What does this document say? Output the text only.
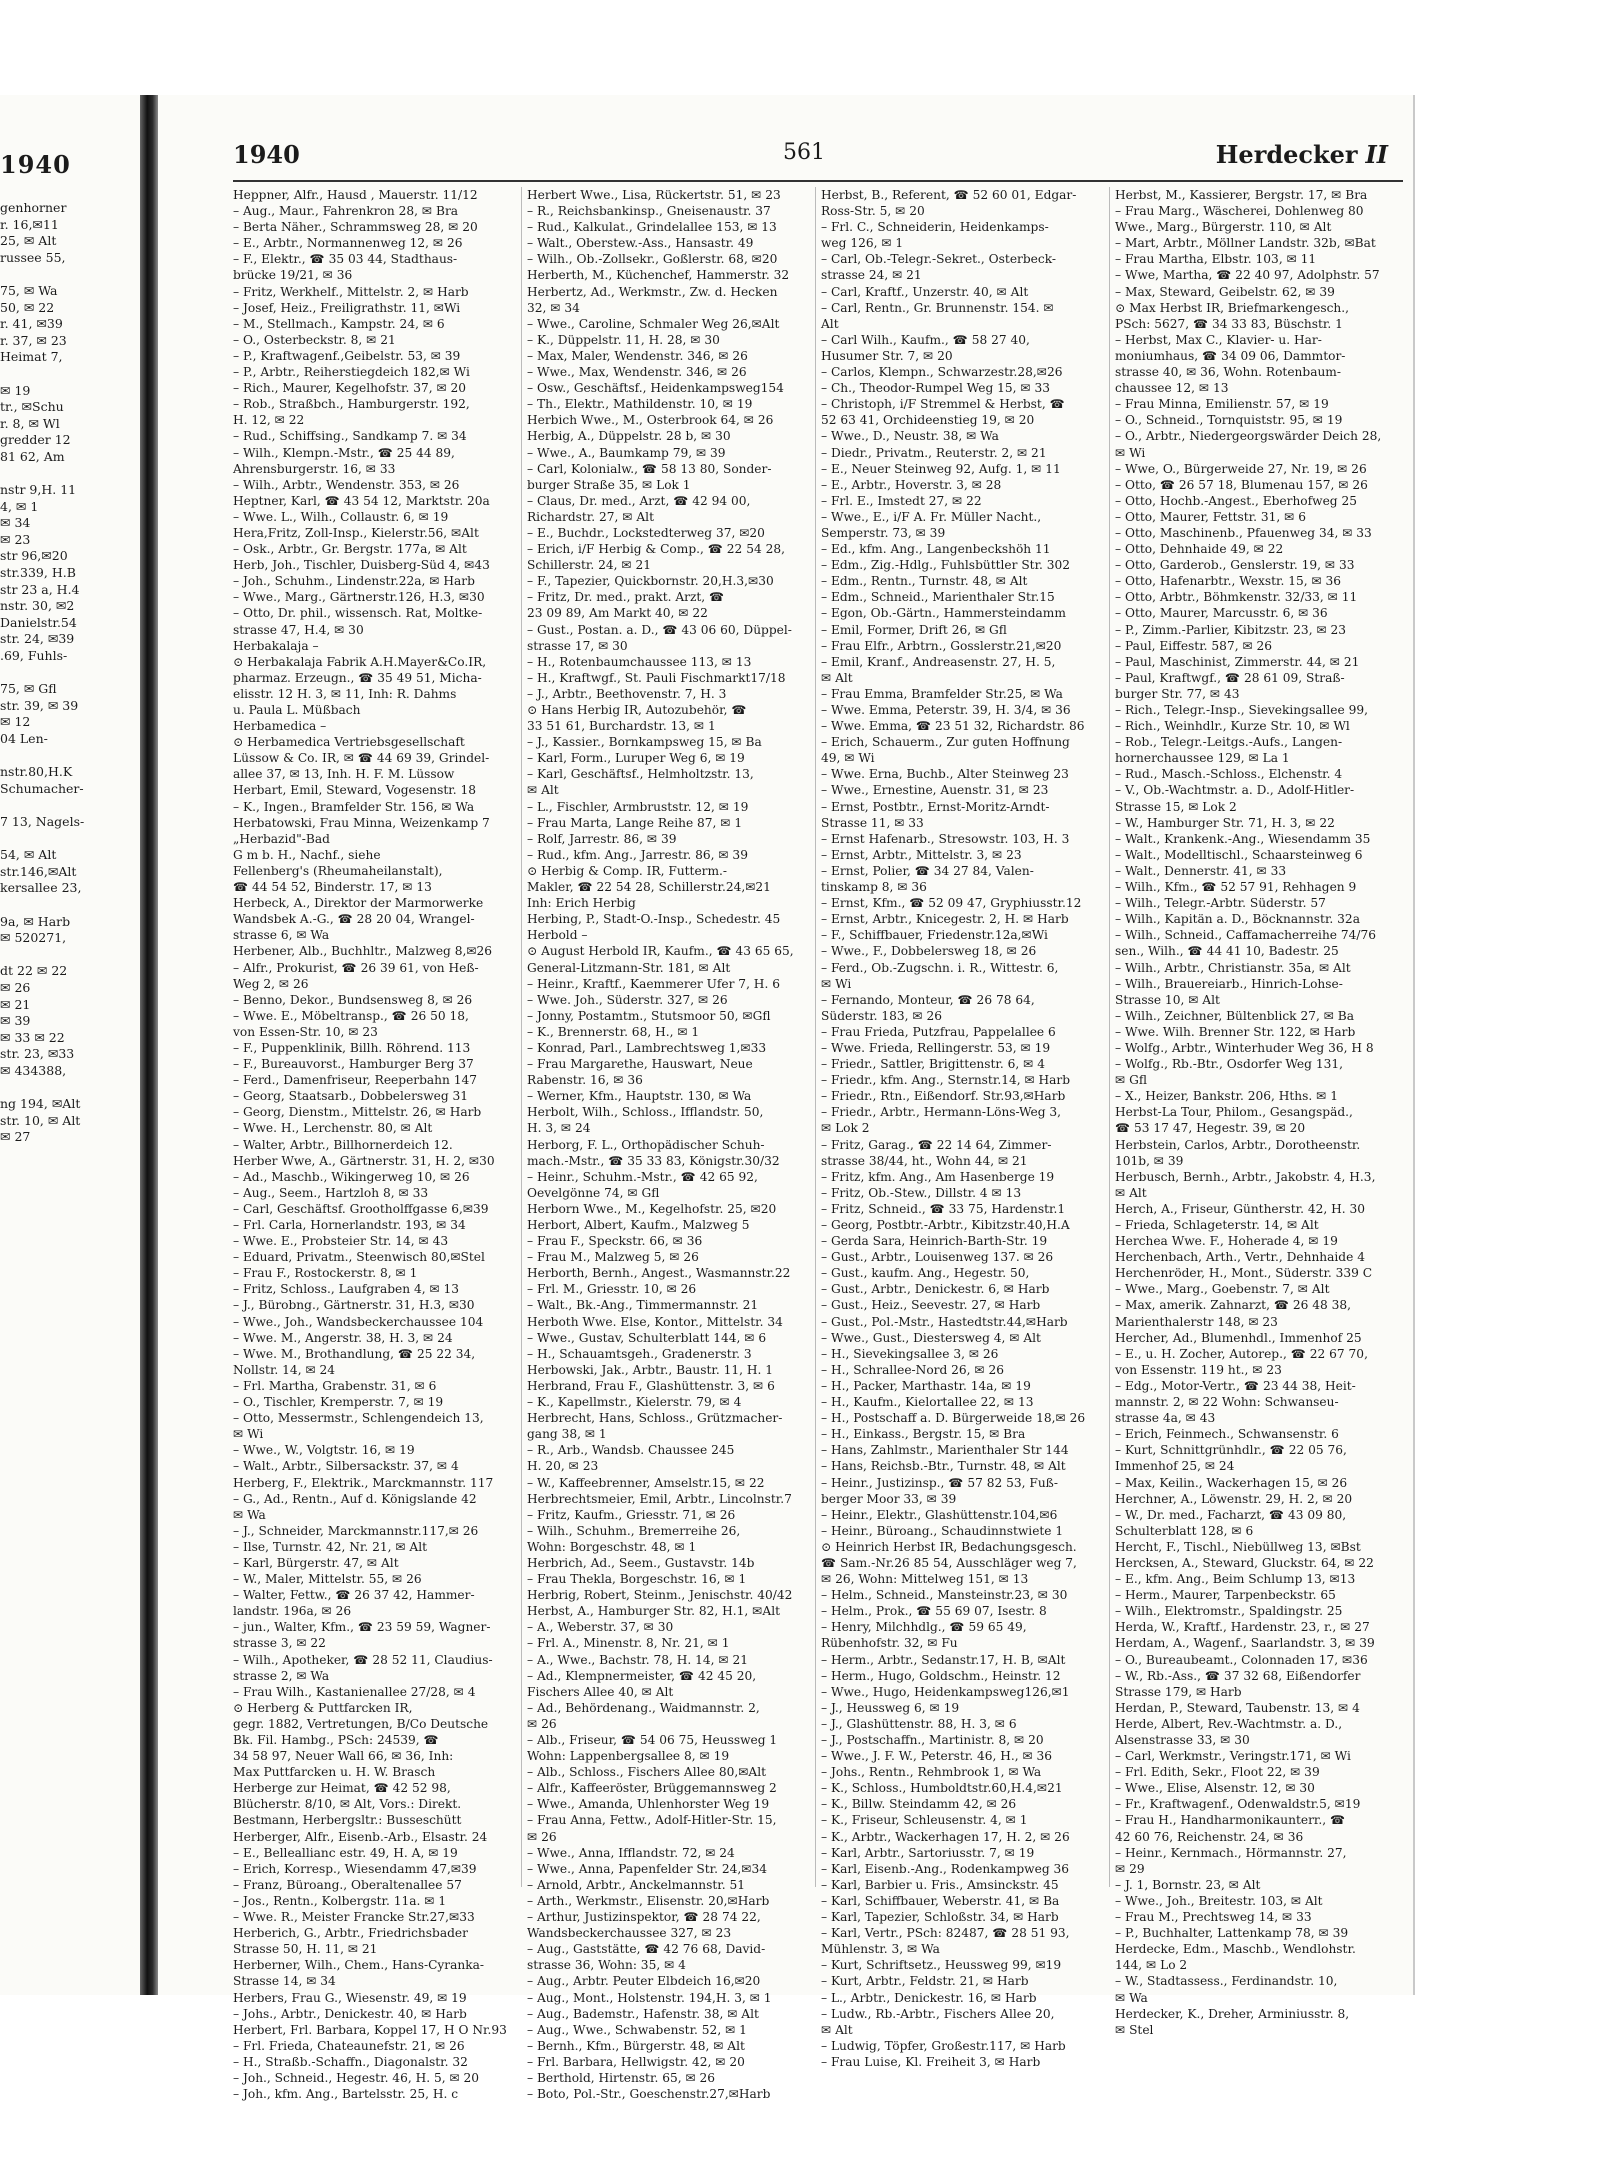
1940
genhorner
r. 16,✉11
25, ✉ Alt
russee 55,

75, ✉ Wa
50, ✉ 22
r. 41, ✉39
r. 37, ✉ 23
Heimat 7,

✉ 19
tr., ✉Schu
r. 8, ✉ Wl
gredder 12
81 62, Am

nstr 9,H. 11
4, ✉ 1
✉ 34
✉ 23
str 96,✉20
str.339, H.B
str 23 a, H.4
nstr. 30, ✉2
Danielstr.54
str. 24, ✉39
.69, Fuhls-

75, ✉ Gfl
str. 39, ✉ 39
✉ 12
04 Len-

nstr.80,H.K
Schumacher-

7 13, Nagels-

54, ✉ Alt
str.146,✉Alt
kersallee 23,

9a, ✉ Harb
✉ 520271,

dt 22 ✉ 22
✉ 26
✉ 21
✉ 39
✉ 33 ✉ 22
str. 23, ✉33
✉ 434388,

ng 194, ✉Alt
str. 10, ✉ Alt
✉ 27
1940	561	Herdecker II
Heppner, Alfr., Hausd , Mauerstr. 11/12
– Aug., Maur., Fahrenkron 28, ✉ Bra
– Berta Näher., Schrammsweg 28, ✉ 20
– E., Arbtr., Normannenweg 12, ✉ 26
– F., Elektr., ☎ 35 03 44, Stadthaus-
brücke 19/21, ✉ 36
– Fritz, Werkhelf., Mittelstr. 2, ✉ Harb
– Josef, Heiz., Freiligrathstr. 11, ✉Wi
– M., Stellmach., Kampstr. 24, ✉ 6
– O., Osterbeckstr. 8, ✉ 21
– P., Kraftwagenf.,Geibelstr. 53, ✉ 39
– P., Arbtr., Reiherstiegdeich 182,✉ Wi
– Rich., Maurer, Kegelhofstr. 37, ✉ 20
– Rob., Straßbch., Hamburgerstr. 192,
H. 12, ✉ 22
– Rud., Schiffsing., Sandkamp 7. ✉ 34
– Wilh., Klempn.-Mstr., ☎ 25 44 89,
Ahrensburgerstr. 16, ✉ 33
– Wilh., Arbtr., Wendenstr. 353, ✉ 26
Heptner, Karl, ☎ 43 54 12, Marktstr. 20a
– Wwe. L., Wilh., Collaustr. 6, ✉ 19
Hera,Fritz, Zoll-Insp., Kielerstr.56, ✉Alt
– Osk., Arbtr., Gr. Bergstr. 177a, ✉ Alt
Herb, Joh., Tischler, Duisberg-Süd 4, ✉43
– Joh., Schuhm., Lindenstr.22a, ✉ Harb
– Wwe., Marg., Gärtnerstr.126, H.3, ✉30
– Otto, Dr. phil., wissensch. Rat, Moltke-
strasse 47, H.4, ✉ 30
Herbakalaja –
⊙ Herbakalaja Fabrik A.H.Mayer&Co.IR,
pharmaz. Erzeugn., ☎ 35 49 51, Micha-
elisstr. 12 H. 3, ✉ 11, Inh: R. Dahms
u. Paula L. Müßbach
Herbamedica –
⊙ Herbamedica Vertriebsgesellschaft
Lüssow & Co. IR, ✉ ☎ 44 69 39, Grindel-
allee 37, ✉ 13, Inh. H. F. M. Lüssow
Herbart, Emil, Steward, Vogesenstr. 18
– K., Ingen., Bramfelder Str. 156, ✉ Wa
Herbatowski, Frau Minna, Weizenkamp 7
„Herbazid"-Bad
G m b. H., Nachf., siehe
Fellenberg's (Rheumaheilanstalt),
☎ 44 54 52, Binderstr. 17, ✉ 13
Herbeck, A., Direktor der Marmorwerke
Wandsbek A.-G., ☎ 28 20 04, Wrangel-
strasse 6, ✉ Wa
Herbener, Alb., Buchhltr., Malzweg 8,✉26
– Alfr., Prokurist, ☎ 26 39 61, von Heß-
Weg 2, ✉ 26
– Benno, Dekor., Bundsensweg 8, ✉ 26
– Wwe. E., Möbeltransp., ☎ 26 50 18,
von Essen-Str. 10, ✉ 23
– F., Puppenklinik, Billh. Röhrend. 113
– F., Bureauvorst., Hamburger Berg 37
– Ferd., Damenfriseur, Reeperbahn 147
– Georg, Staatsarb., Dobbelersweg 31
– Georg, Dienstm., Mittelstr. 26, ✉ Harb
– Wwe. H., Lerchenstr. 80, ✉ Alt
– Walter, Arbtr., Billhornerdeich 12.
Herber Wwe, A., Gärtnerstr. 31, H. 2, ✉30
– Ad., Maschb., Wikingerweg 10, ✉ 26
– Aug., Seem., Hartzloh 8, ✉ 33
– Carl, Geschäftsf. Grootholffgasse 6,✉39
– Frl. Carla, Hornerlandstr. 193, ✉ 34
– Wwe. E., Probsteier Str. 14, ✉ 43
– Eduard, Privatm., Steenwisch 80,✉Stel
– Frau F., Rostockerstr. 8, ✉ 1
– Fritz, Schloss., Laufgraben 4, ✉ 13
– J., Bürobng., Gärtnerstr. 31, H.3, ✉30
– Wwe., Joh., Wandsbeckerchaussee 104
– Wwe. M., Angerstr. 38, H. 3, ✉ 24
– Wwe. M., Brothandlung, ☎ 25 22 34,
Nollstr. 14, ✉ 24
– Frl. Martha, Grabenstr. 31, ✉ 6
– O., Tischler, Kremperstr. 7, ✉ 19
– Otto, Messermstr., Schlengendeich 13,
✉ Wi
– Wwe., W., Volgtstr. 16, ✉ 19
– Walt., Arbtr., Silbersackstr. 37, ✉ 4
Herberg, F., Elektrik., Marckmannstr. 117
– G., Ad., Rentn., Auf d. Königslande 42
✉ Wa
– J., Schneider, Marckmannstr.117,✉ 26
– Ilse, Turnstr. 42, Nr. 21, ✉ Alt
– Karl, Bürgerstr. 47, ✉ Alt
– W., Maler, Mittelstr. 55, ✉ 26
– Walter, Fettw., ☎ 26 37 42, Hammer-
landstr. 196a, ✉ 26
– jun., Walter, Kfm., ☎ 23 59 59, Wagner-
strasse 3, ✉ 22
– Wilh., Apotheker, ☎ 28 52 11, Claudius-
strasse 2, ✉ Wa
– Frau Wilh., Kastanienallee 27/28, ✉ 4
⊙ Herberg & Puttfarcken IR,
gegr. 1882, Vertretungen, B/Co Deutsche
Bk. Fil. Hambg., PSch: 24539, ☎
34 58 97, Neuer Wall 66, ✉ 36, Inh:
Max Puttfarcken u. H. W. Brasch
Herberge zur Heimat, ☎ 42 52 98,
Blücherstr. 8/10, ✉ Alt, Vors.: Direkt.
Bestmann, Herbergsltr.: Busseschütt
Herberger, Alfr., Eisenb.-Arb., Elsastr. 24
– E., Belleallianc estr. 49, H. A, ✉ 19
– Erich, Korresp., Wiesendamm 47,✉39
– Franz, Büroang., Oberaltenallee 57
– Jos., Rentn., Kolbergstr. 11a. ✉ 1
– Wwe. R., Meister Francke Str.27,✉33
Herberich, G., Arbtr., Friedrichsbader
Strasse 50, H. 11, ✉ 21
Herberner, Wilh., Chem., Hans-Cyranka-
Strasse 14, ✉ 34
Herbers, Frau G., Wiesenstr. 49, ✉ 19
– Johs., Arbtr., Denickestr. 40, ✉ Harb
Herbert, Frl. Barbara, Koppel 17, H O Nr.93
– Frl. Frieda, Chateaunefstr. 21, ✉ 26
– H., Straßb.-Schaffn., Diagonalstr. 32
– Joh., Schneid., Hegestr. 46, H. 5, ✉ 20
– Joh., kfm. Ang., Bartelsstr. 25, H. c
Herbert Wwe., Lisa, Rückertstr. 51, ✉ 23
– R., Reichsbankinsp., Gneisenaustr. 37
– Rud., Kalkulat., Grindelallee 153, ✉ 13
– Walt., Oberstew.-Ass., Hansastr. 49
– Wilh., Ob.-Zollsekr., Goßlerstr. 68, ✉20
Herberth, M., Küchenchef, Hammerstr. 32
Herbertz, Ad., Werkmstr., Zw. d. Hecken
32, ✉ 34
– Wwe., Caroline, Schmaler Weg 26,✉Alt
– K., Düppelstr. 11, H. 28, ✉ 30
– Max, Maler, Wendenstr. 346, ✉ 26
– Wwe., Max, Wendenstr. 346, ✉ 26
– Osw., Geschäftsf., Heidenkampsweg154
– Th., Elektr., Mathildenstr. 10, ✉ 19
Herbich Wwe., M., Osterbrook 64, ✉ 26
Herbig, A., Düppelstr. 28 b, ✉ 30
– Wwe., A., Baumkamp 79, ✉ 39
– Carl, Kolonialw., ☎ 58 13 80, Sonder-
burger Straße 35, ✉ Lok 1
– Claus, Dr. med., Arzt, ☎ 42 94 00,
Richardstr. 27, ✉ Alt
– E., Buchdr., Lockstedterweg 37, ✉20
– Erich, i/F Herbig & Comp., ☎ 22 54 28,
Schillerstr. 24, ✉ 21
– F., Tapezier, Quickbornstr. 20,H.3,✉30
– Fritz, Dr. med., prakt. Arzt, ☎
23 09 89, Am Markt 40, ✉ 22
– Gust., Postan. a. D., ☎ 43 06 60, Düppel-
strasse 17, ✉ 30
– H., Rotenbaumchaussee 113, ✉ 13
– H., Kraftwgf., St. Pauli Fischmarkt17/18
– J., Arbtr., Beethovenstr. 7, H. 3
⊙ Hans Herbig IR, Autozubehör, ☎
33 51 61, Burchardstr. 13, ✉ 1
– J., Kassier., Bornkampsweg 15, ✉ Ba
– Karl, Form., Luruper Weg 6, ✉ 19
– Karl, Geschäftsf., Helmholtzstr. 13,
✉ Alt
– L., Fischler, Armbruststr. 12, ✉ 19
– Frau Marta, Lange Reihe 87, ✉ 1
– Rolf, Jarrestr. 86, ✉ 39
– Rud., kfm. Ang., Jarrestr. 86, ✉ 39
⊙ Herbig & Comp. IR, Futterm.-
Makler, ☎ 22 54 28, Schillerstr.24,✉21
Inh: Erich Herbig
Herbing, P., Stadt-O.-Insp., Schedestr. 45
Herbold –
⊙ August Herbold IR, Kaufm., ☎ 43 65 65,
General-Litzmann-Str. 181, ✉ Alt
– Heinr., Kraftf., Kaemmerer Ufer 7, H. 6
– Wwe. Joh., Süderstr. 327, ✉ 26
– Jonny, Postamtm., Stutsmoor 50, ✉Gfl
– K., Brennerstr. 68, H., ✉ 1
– Konrad, Parl., Lambrechtsweg 1,✉33
– Frau Margarethe, Hauswart, Neue
Rabenstr. 16, ✉ 36
– Werner, Kfm., Hauptstr. 130, ✉ Wa
Herbolt, Wilh., Schloss., Ifflandstr. 50,
H. 3, ✉ 24
Herborg, F. L., Orthopädischer Schuh-
mach.-Mstr., ☎ 35 33 83, Königstr.30/32
– Heinr., Schuhm.-Mstr., ☎ 42 65 92,
Oevelgönne 74, ✉ Gfl
Herborn Wwe., M., Kegelhofstr. 25, ✉20
Herbort, Albert, Kaufm., Malzweg 5
– Frau F., Speckstr. 66, ✉ 36
– Frau M., Malzweg 5, ✉ 26
Herborth, Bernh., Angest., Wasmannstr.22
– Frl. M., Griesstr. 10, ✉ 26
– Walt., Bk.-Ang., Timmermannstr. 21
Herboth Wwe. Else, Kontor., Mittelstr. 34
– Wwe., Gustav, Schulterblatt 144, ✉ 6
– H., Schauamtsgeh., Gradenerstr. 3
Herbowski, Jak., Arbtr., Baustr. 11, H. 1
Herbrand, Frau F., Glashüttenstr. 3, ✉ 6
– K., Kapellmstr., Kielerstr. 79, ✉ 4
Herbrecht, Hans, Schloss., Grützmacher-
gang 38, ✉ 1
– R., Arb., Wandsb. Chaussee 245
H. 20, ✉ 23
– W., Kaffeebrenner, Amselstr.15, ✉ 22
Herbrechtsmeier, Emil, Arbtr., Lincolnstr.7
– Fritz, Kaufm., Griesstr. 71, ✉ 26
– Wilh., Schuhm., Bremerreihe 26,
Wohn: Borgeschstr. 48, ✉ 1
Herbrich, Ad., Seem., Gustavstr. 14b
– Frau Thekla, Borgeschstr. 16, ✉ 1
Herbrig, Robert, Steinm., Jenischstr. 40/42
Herbst, A., Hamburger Str. 82, H.1, ✉Alt
– A., Weberstr. 37, ✉ 30
– Frl. A., Minenstr. 8, Nr. 21, ✉ 1
– A., Wwe., Bachstr. 78, H. 14, ✉ 21
– Ad., Klempnermeister, ☎ 42 45 20,
Fischers Allee 40, ✉ Alt
– Ad., Behördenang., Waidmannstr. 2,
✉ 26
– Alb., Friseur, ☎ 54 06 75, Heussweg 1
Wohn: Lappenbergsallee 8, ✉ 19
– Alb., Schloss., Fischers Allee 80,✉Alt
– Alfr., Kaffeeröster, Brüggemannsweg 2
– Wwe., Amanda, Uhlenhorster Weg 19
– Frau Anna, Fettw., Adolf-Hitler-Str. 15,
✉ 26
– Wwe., Anna, Ifflandstr. 72, ✉ 24
– Wwe., Anna, Papenfelder Str. 24,✉34
– Arnold, Arbtr., Anckelmannstr. 51
– Arth., Werkmstr., Elisenstr. 20,✉Harb
– Arthur, Justizinspektor, ☎ 28 74 22,
Wandsbeckerchaussee 327, ✉ 23
– Aug., Gaststätte, ☎ 42 76 68, David-
strasse 36, Wohn: 35, ✉ 4
– Aug., Arbtr. Peuter Elbdeich 16,✉20
– Aug., Mont., Holstenstr. 194,H. 3, ✉ 1
– Aug., Bademstr., Hafenstr. 38, ✉ Alt
– Aug., Wwe., Schwabenstr. 52, ✉ 1
– Bernh., Kfm., Bürgerstr. 48, ✉ Alt
– Frl. Barbara, Hellwigstr. 42, ✉ 20
– Berthold, Hirtenstr. 65, ✉ 26
– Boto, Pol.-Str., Goeschenstr.27,✉Harb
Herbst, B., Referent, ☎ 52 60 01, Edgar-
Ross-Str. 5, ✉ 20
– Frl. C., Schneiderin, Heidenkamps-
weg 126, ✉ 1
– Carl, Ob.-Telegr.-Sekret., Osterbeck-
strasse 24, ✉ 21
– Carl, Kraftf., Unzerstr. 40, ✉ Alt
– Carl, Rentn., Gr. Brunnenstr. 154. ✉
Alt
– Carl Wilh., Kaufm., ☎ 58 27 40,
Husumer Str. 7, ✉ 20
– Carlos, Klempn., Schwarzestr.28,✉26
– Ch., Theodor-Rumpel Weg 15, ✉ 33
– Christoph, i/F Stremmel & Herbst, ☎
52 63 41, Orchideenstieg 19, ✉ 20
– Wwe., D., Neustr. 38, ✉ Wa
– Diedr., Privatm., Reuterstr. 2, ✉ 21
– E., Neuer Steinweg 92, Aufg. 1, ✉ 11
– E., Arbtr., Hoverstr. 3, ✉ 28
– Frl. E., Imstedt 27, ✉ 22
– Wwe., E., i/F A. Fr. Müller Nacht.,
Semperstr. 73, ✉ 39
– Ed., kfm. Ang., Langenbeckshöh 11
– Edm., Zig.-Hdlg., Fuhlsbüttler Str. 302
– Edm., Rentn., Turnstr. 48, ✉ Alt
– Edm., Schneid., Marienthaler Str.15
– Egon, Ob.-Gärtn., Hammersteindamm
– Emil, Former, Drift 26, ✉ Gfl
– Frau Elfr., Arbtrn., Gosslerstr.21,✉20
– Emil, Kranf., Andreasenstr. 27, H. 5,
✉ Alt
– Frau Emma, Bramfelder Str.25, ✉ Wa
– Wwe. Emma, Peterstr. 39, H. 3/4, ✉ 36
– Wwe. Emma, ☎ 23 51 32, Richardstr. 86
– Erich, Schauerm., Zur guten Hoffnung
49, ✉ Wi
– Wwe. Erna, Buchb., Alter Steinweg 23
– Wwe., Ernestine, Auenstr. 31, ✉ 23
– Ernst, Postbtr., Ernst-Moritz-Arndt-
Strasse 11, ✉ 33
– Ernst Hafenarb., Stresowstr. 103, H. 3
– Ernst, Arbtr., Mittelstr. 3, ✉ 23
– Ernst, Polier, ☎ 34 27 84, Valen-
tinskamp 8, ✉ 36
– Ernst, Kfm., ☎ 52 09 47, Gryphiusstr.12
– Ernst, Arbtr., Knicegestr. 2, H. ✉ Harb
– F., Schiffbauer, Friedenstr.12a,✉Wi
– Wwe., F., Dobbelersweg 18, ✉ 26
– Ferd., Ob.-Zugschn. i. R., Wittestr. 6,
✉ Wi
– Fernando, Monteur, ☎ 26 78 64,
Süderstr. 183, ✉ 26
– Frau Frieda, Putzfrau, Pappelallee 6
– Wwe. Frieda, Rellingerstr. 53, ✉ 19
– Friedr., Sattler, Brigittenstr. 6, ✉ 4
– Friedr., kfm. Ang., Sternstr.14, ✉ Harb
– Friedr., Rtn., Eißendorf. Str.93,✉Harb
– Friedr., Arbtr., Hermann-Löns-Weg 3,
✉ Lok 2
– Fritz, Garag., ☎ 22 14 64, Zimmer-
strasse 38/44, ht., Wohn 44, ✉ 21
– Fritz, kfm. Ang., Am Hasenberge 19
– Fritz, Ob.-Stew., Dillstr. 4 ✉ 13
– Fritz, Schneid., ☎ 33 75, Hardenstr.1
– Georg, Postbtr.-Arbtr., Kibitzstr.40,H.A
– Gerda Sara, Heinrich-Barth-Str. 19
– Gust., Arbtr., Louisenweg 137. ✉ 26
– Gust., kaufm. Ang., Hegestr. 50,
– Gust., Arbtr., Denickestr. 6, ✉ Harb
– Gust., Heiz., Seevestr. 27, ✉ Harb
– Gust., Pol.-Mstr., Hastedtstr.44,✉Harb
– Wwe., Gust., Diestersweg 4, ✉ Alt
– H., Sievekingsallee 3, ✉ 26
– H., Schrallee-Nord 26, ✉ 26
– H., Packer, Marthastr. 14a, ✉ 19
– H., Kaufm., Kielortallee 22, ✉ 13
– H., Postschaff a. D. Bürgerweide 18,✉ 26
– H., Einkass., Bergstr. 15, ✉ Bra
– Hans, Zahlmstr., Marienthaler Str 144
– Hans, Reichsb.-Btr., Turnstr. 48, ✉ Alt
– Heinr., Justizinsp., ☎ 57 82 53, Fuß-
berger Moor 33, ✉ 39
– Heinr., Elektr., Glashüttenstr.104,✉6
– Heinr., Büroang., Schaudinnstwiete 1
⊙ Heinrich Herbst IR, Bedachungsgesch.
☎ Sam.-Nr.26 85 54, Ausschläger weg 7,
✉ 26, Wohn: Mittelweg 151, ✉ 13
– Helm., Schneid., Mansteinstr.23, ✉ 30
– Helm., Prok., ☎ 55 69 07, Isestr. 8
– Henry, Milchhdlg., ☎ 59 65 49,
Rübenhofstr. 32, ✉ Fu
– Herm., Arbtr., Sedanstr.17, H. B, ✉Alt
– Herm., Hugo, Goldschm., Heinstr. 12
– Wwe., Hugo, Heidenkampsweg126,✉1
– J., Heussweg 6, ✉ 19
– J., Glashüttenstr. 88, H. 3, ✉ 6
– J., Postschaffn., Martinistr. 8, ✉ 20
– Wwe., J. F. W., Peterstr. 46, H., ✉ 36
– Johs., Rentn., Rehmbrook 1, ✉ Wa
– K., Schloss., Humboldtstr.60,H.4,✉21
– K., Billw. Steindamm 42, ✉ 26
– K., Friseur, Schleusenstr. 4, ✉ 1
– K., Arbtr., Wackerhagen 17, H. 2, ✉ 26
– Karl, Arbtr., Sartoriusstr. 7, ✉ 19
– Karl, Eisenb.-Ang., Rodenkampweg 36
– Karl, Barbier u. Fris., Amsinckstr. 45
– Karl, Schiffbauer, Weberstr. 41, ✉ Ba
– Karl, Tapezier, Schloßstr. 34, ✉ Harb
– Karl, Vertr., PSch: 82487, ☎ 28 51 93,
Mühlenstr. 3, ✉ Wa
– Kurt, Schriftsetz., Heussweg 99, ✉19
– Kurt, Arbtr., Feldstr. 21, ✉ Harb
– L., Arbtr., Denickestr. 16, ✉ Harb
– Ludw., Rb.-Arbtr., Fischers Allee 20,
✉ Alt
– Ludwig, Töpfer, Großestr.117, ✉ Harb
– Frau Luise, Kl. Freiheit 3, ✉ Harb
Herbst, M., Kassierer, Bergstr. 17, ✉ Bra
– Frau Marg., Wäscherei, Dohlenweg 80
Wwe., Marg., Bürgerstr. 110, ✉ Alt
– Mart, Arbtr., Möllner Landstr. 32b, ✉Bat
– Frau Martha, Elbstr. 103, ✉ 11
– Wwe, Martha, ☎ 22 40 97, Adolphstr. 57
– Max, Steward, Geibelstr. 62, ✉ 39
⊙ Max Herbst IR, Briefmarkengesch.,
PSch: 5627, ☎ 34 33 83, Büschstr. 1
– Herbst, Max C., Klavier- u. Har-
moniumhaus, ☎ 34 09 06, Dammtor-
strasse 40, ✉ 36, Wohn. Rotenbaum-
chaussee 12, ✉ 13
– Frau Minna, Emilienstr. 57, ✉ 19
– O., Schneid., Tornquiststr. 95, ✉ 19
– O., Arbtr., Niedergeorgswärder Deich 28,
✉ Wi
– Wwe, O., Bürgerweide 27, Nr. 19, ✉ 26
– Otto, ☎ 26 57 18, Blumenau 157, ✉ 26
– Otto, Hochb.-Angest., Eberhofweg 25
– Otto, Maurer, Fettstr. 31, ✉ 6
– Otto, Maschinenb., Pfauenweg 34, ✉ 33
– Otto, Dehnhaide 49, ✉ 22
– Otto, Garderob., Genslerstr. 19, ✉ 33
– Otto, Hafenarbtr., Wexstr. 15, ✉ 36
– Otto, Arbtr., Böhmkenstr. 32/33, ✉ 11
– Otto, Maurer, Marcusstr. 6, ✉ 36
– P., Zimm.-Parlier, Kibitzstr. 23, ✉ 23
– Paul, Eiffestr. 587, ✉ 26
– Paul, Maschinist, Zimmerstr. 44, ✉ 21
– Paul, Kraftwgf., ☎ 28 61 09, Straß-
burger Str. 77, ✉ 43
– Rich., Telegr.-Insp., Sievekingsallee 99,
– Rich., Weinhdlr., Kurze Str. 10, ✉ Wl
– Rob., Telegr.-Leitgs.-Aufs., Langen-
hornerchaussee 129, ✉ La 1
– Rud., Masch.-Schloss., Elchenstr. 4
– V., Ob.-Wachtmstr. a. D., Adolf-Hitler-
Strasse 15, ✉ Lok 2
– W., Hamburger Str. 71, H. 3, ✉ 22
– Walt., Krankenk.-Ang., Wiesendamm 35
– Walt., Modelltischl., Schaarsteinweg 6
– Walt., Dennerstr. 41, ✉ 33
– Wilh., Kfm., ☎ 52 57 91, Rehhagen 9
– Wilh., Telegr.-Arbtr. Süderstr. 57
– Wilh., Kapitän a. D., Böcknannstr. 32a
– Wilh., Schneid., Caffamacherreihe 74/76
sen., Wilh., ☎ 44 41 10, Badestr. 25
– Wilh., Arbtr., Christianstr. 35a, ✉ Alt
– Wilh., Brauereiarb., Hinrich-Lohse-
Strasse 10, ✉ Alt
– Wilh., Zeichner, Bültenblick 27, ✉ Ba
– Wwe. Wilh. Brenner Str. 122, ✉ Harb
– Wolfg., Arbtr., Winterhuder Weg 36, H 8
– Wolfg., Rb.-Btr., Osdorfer Weg 131,
✉ Gfl
– X., Heizer, Bankstr. 206, Hths. ✉ 1
Herbst-La Tour, Philom., Gesangspäd.,
☎ 53 17 47, Hegestr. 39, ✉ 20
Herbstein, Carlos, Arbtr., Dorotheenstr.
101b, ✉ 39
Herbusch, Bernh., Arbtr., Jakobstr. 4, H.3,
✉ Alt
Herch, A., Friseur, Güntherstr. 42, H. 30
– Frieda, Schlageterstr. 14, ✉ Alt
Herchea Wwe. F., Hoherade 4, ✉ 19
Herchenbach, Arth., Vertr., Dehnhaide 4
Herchenröder, H., Mont., Süderstr. 339 C
– Wwe., Marg., Goebenstr. 7, ✉ Alt
– Max, amerik. Zahnarzt, ☎ 26 48 38,
Marienthalerstr 148, ✉ 23
Hercher, Ad., Blumenhdl., Immenhof 25
– E., u. H. Zocher, Autorep., ☎ 22 67 70,
von Essenstr. 119 ht., ✉ 23
– Edg., Motor-Vertr., ☎ 23 44 38, Heit-
mannstr. 2, ✉ 22 Wohn: Schwanseu-
strasse 4a, ✉ 43
– Erich, Feinmech., Schwansenstr. 6
– Kurt, Schnittgrünhdlr., ☎ 22 05 76,
Immenhof 25, ✉ 24
– Max, Keilin., Wackerhagen 15, ✉ 26
Herchner, A., Löwenstr. 29, H. 2, ✉ 20
– W., Dr. med., Facharzt, ☎ 43 09 80,
Schulterblatt 128, ✉ 6
Hercht, F., Tischl., Niebüllweg 13, ✉Bst
Hercksen, A., Steward, Gluckstr. 64, ✉ 22
– E., kfm. Ang., Beim Schlump 13, ✉13
– Herm., Maurer, Tarpenbeckstr. 65
– Wilh., Elektromstr., Spaldingstr. 25
Herda, W., Kraftf., Hardenstr. 23, r., ✉ 27
Herdam, A., Wagenf., Saarlandstr. 3, ✉ 39
– O., Bureaubeamt., Colonnaden 17, ✉36
– W., Rb.-Ass., ☎ 37 32 68, Eißendorfer
Strasse 179, ✉ Harb
Herdan, P., Steward, Taubenstr. 13, ✉ 4
Herde, Albert, Rev.-Wachtmstr. a. D.,
Alsenstrasse 33, ✉ 30
– Carl, Werkmstr., Veringstr.171, ✉ Wi
– Frl. Edith, Sekr., Floot 22, ✉ 39
– Wwe., Elise, Alsenstr. 12, ✉ 30
– Fr., Kraftwagenf., Odenwaldstr.5, ✉19
– Frau H., Handharmonikaunterr., ☎
42 60 76, Reichenstr. 24, ✉ 36
– Heinr., Kernmach., Hörmannstr. 27,
✉ 29
– J. 1, Bornstr. 23, ✉ Alt
– Wwe., Joh., Breitestr. 103, ✉ Alt
– Frau M., Prechtsweg 14, ✉ 33
– P., Buchhalter, Lattenkamp 78, ✉ 39
Herdecke, Edm., Maschb., Wendlohstr.
144, ✉ Lo 2
– W., Stadtassess., Ferdinandstr. 10,
✉ Wa
Herdecker, K., Dreher, Arminiusstr. 8,
✉ Stel
